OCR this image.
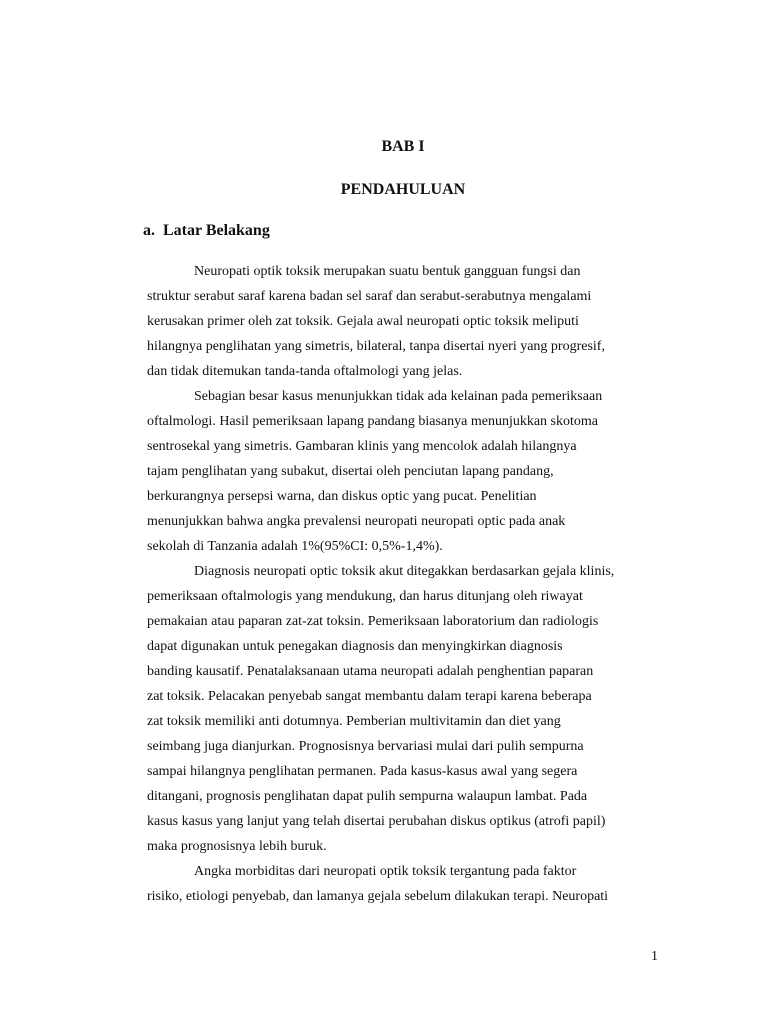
BAB I
PENDAHULUAN
a.  Latar Belakang
Neuropati optik toksik merupakan suatu bentuk gangguan fungsi dan
struktur serabut saraf karena badan sel saraf dan serabut-serabutnya mengalami
kerusakan primer oleh zat toksik. Gejala awal neuropati optic toksik meliputi
hilangnya penglihatan yang simetris, bilateral, tanpa disertai nyeri yang progresif,
dan tidak ditemukan tanda-tanda oftalmologi yang jelas.
Sebagian besar kasus menunjukkan tidak ada kelainan pada pemeriksaan
oftalmologi. Hasil pemeriksaan lapang pandang biasanya menunjukkan skotoma
sentrosekal yang simetris. Gambaran klinis yang mencolok adalah hilangnya
tajam penglihatan yang subakut, disertai oleh penciutan lapang pandang,
berkurangnya persepsi warna, dan diskus optic yang pucat. Penelitian
menunjukkan bahwa angka prevalensi neuropati neuropati optic pada anak
sekolah di Tanzania adalah 1%(95%CI: 0,5%-1,4%).
Diagnosis neuropati optic toksik akut ditegakkan berdasarkan gejala klinis,
pemeriksaan oftalmologis yang mendukung, dan harus ditunjang oleh riwayat
pemakaian atau paparan zat-zat toksin. Pemeriksaan laboratorium dan radiologis
dapat digunakan untuk penegakan diagnosis dan menyingkirkan diagnosis
banding kausatif. Penatalaksanaan utama neuropati adalah penghentian paparan
zat toksik. Pelacakan penyebab sangat membantu dalam terapi karena beberapa
zat toksik memiliki anti dotumnya. Pemberian multivitamin dan diet yang
seimbang juga dianjurkan. Prognosisnya bervariasi mulai dari pulih sempurna
sampai hilangnya penglihatan permanen. Pada kasus-kasus awal yang segera
ditangani, prognosis penglihatan dapat pulih sempurna walaupun lambat. Pada
kasus kasus yang lanjut yang telah disertai perubahan diskus optikus (atrofi papil)
maka prognosisnya lebih buruk.
Angka morbiditas dari neuropati optik toksik tergantung pada faktor
risiko, etiologi penyebab, dan lamanya gejala sebelum dilakukan terapi. Neuropati
1
